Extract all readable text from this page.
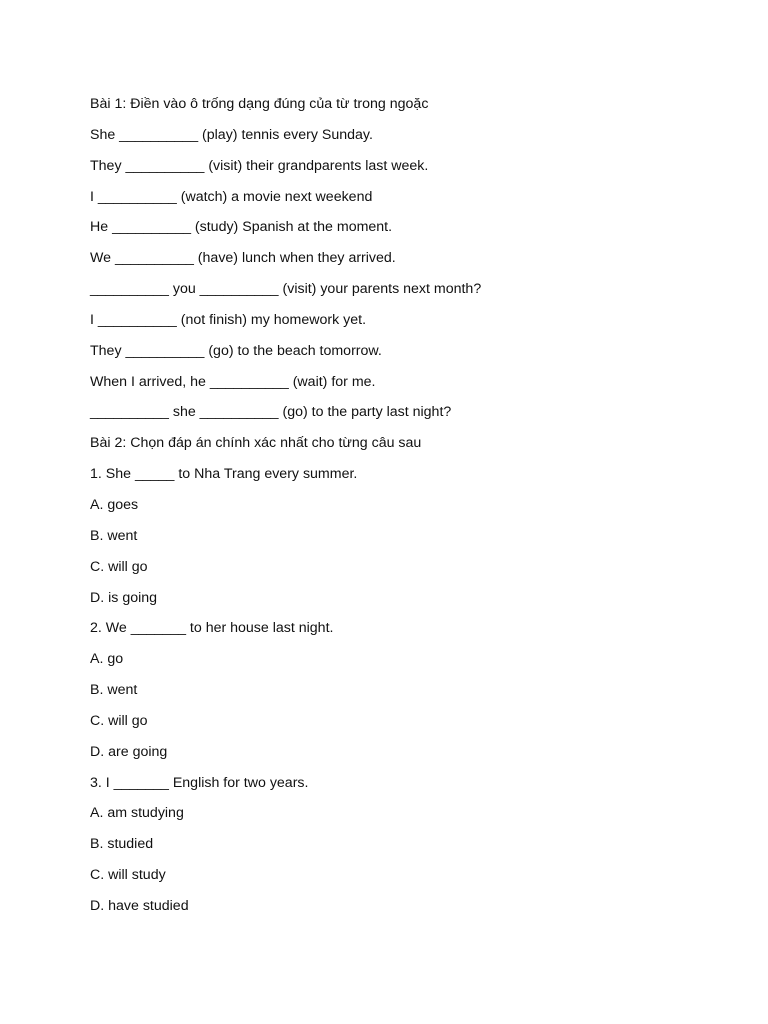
Bài 1: Điền vào ô trống dạng đúng của từ trong ngoặc
She __________ (play) tennis every Sunday.
They __________ (visit) their grandparents last week.
I __________ (watch) a movie next weekend
He __________ (study) Spanish at the moment.
We __________ (have) lunch when they arrived.
__________ you __________ (visit) your parents next month?
I __________ (not finish) my homework yet.
They __________ (go) to the beach tomorrow.
When I arrived, he __________ (wait) for me.
__________ she __________ (go) to the party last night?
Bài 2: Chọn đáp án chính xác nhất cho từng câu sau
1. She _____ to Nha Trang every summer.
A. goes
B. went
C. will go
D. is going
2. We _______ to her house last night.
A. go
B. went
C. will go
D. are going
3. I _______ English for two years.
A. am studying
B. studied
C. will study
D. have studied
